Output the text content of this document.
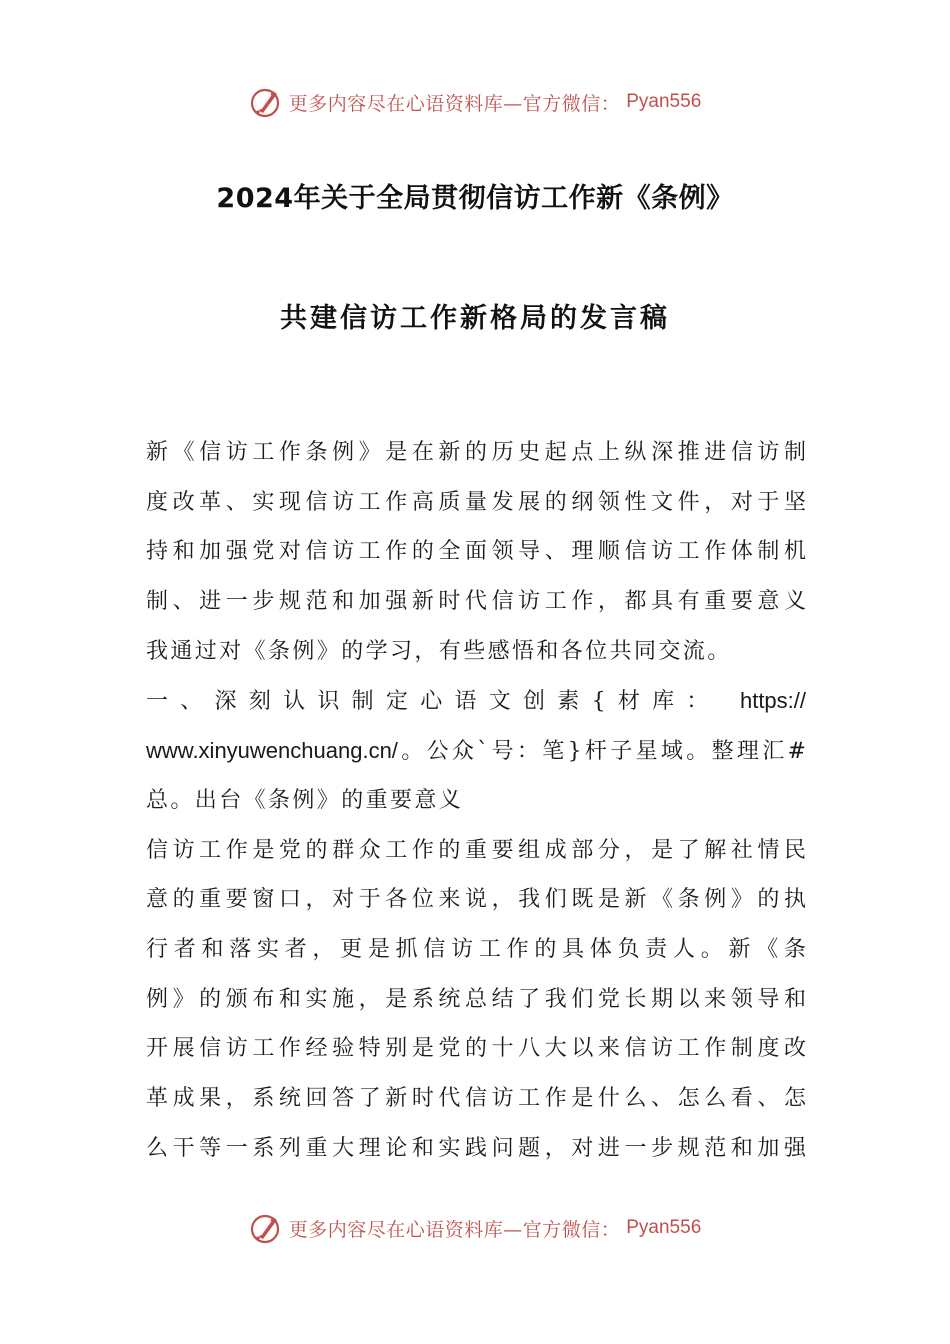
更多内容尽在心语资料库—官方微信： Pyan556
2024年关于全局贯彻信访工作新《条例》
共建信访工作新格局的发言稿
新《信访工作条例》是在新的历史起点上纵深推进信访制
度改革、实现信访工作高质量发展的纲领性文件，对于坚
持和加强党对信访工作的全面领导、理顺信访工作体制机
制、进一步规范和加强新时代信访工作，都具有重要意义
我通过对《条例》的学习，有些感悟和各位共同交流。
一、深刻认识制定心语文创素{材库： https://
www.xinyuwenchuang.cn/。公众`号：笔}杆子星域。整理汇#
总。出台《条例》的重要意义
信访工作是党的群众工作的重要组成部分，是了解社情民
意的重要窗口，对于各位来说，我们既是新《条例》的执
行者和落实者，更是抓信访工作的具体负责人。新《条
例》的颁布和实施，是系统总结了我们党长期以来领导和
开展信访工作经验特别是党的十八大以来信访工作制度改
革成果，系统回答了新时代信访工作是什么、怎么看、怎
么干等一系列重大理论和实践问题，对进一步规范和加强
更多内容尽在心语资料库—官方微信： Pyan556
